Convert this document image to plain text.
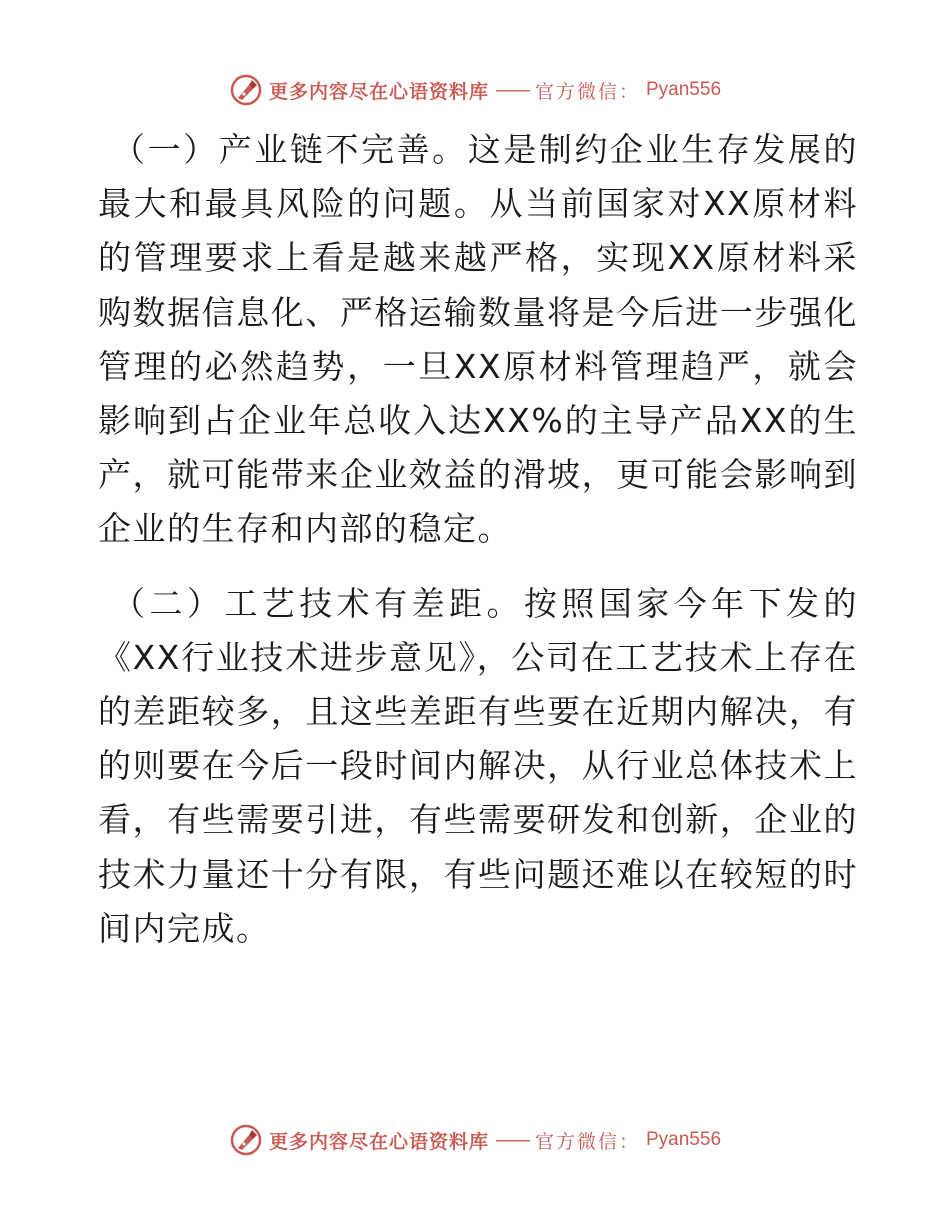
更多内容尽在心语资料库 —— 官方微信： Pyan556

（一）产业链不完善。这是制约企业生存发展的最大和最具风险的问题。从当前国家对XX原材料的管理要求上看是越来越严格，实现XX原材料采购数据信息化、严格运输数量将是今后进一步强化管理的必然趋势，一旦XX原材料管理趋严，就会影响到占企业年总收入达XX%的主导产品XX的生产，就可能带来企业效益的滑坡，更可能会影响到企业的生存和内部的稳定。

（二）工艺技术有差距。按照国家今年下发的《XX行业技术进步意见》，公司在工艺技术上存在的差距较多，且这些差距有些要在近期内解决，有的则要在今后一段时间内解决，从行业总体技术上看，有些需要引进，有些需要研发和创新，企业的技术力量还十分有限，有些问题还难以在较短的时间内完成。

更多内容尽在心语资料库 —— 官方微信： Pyan556
